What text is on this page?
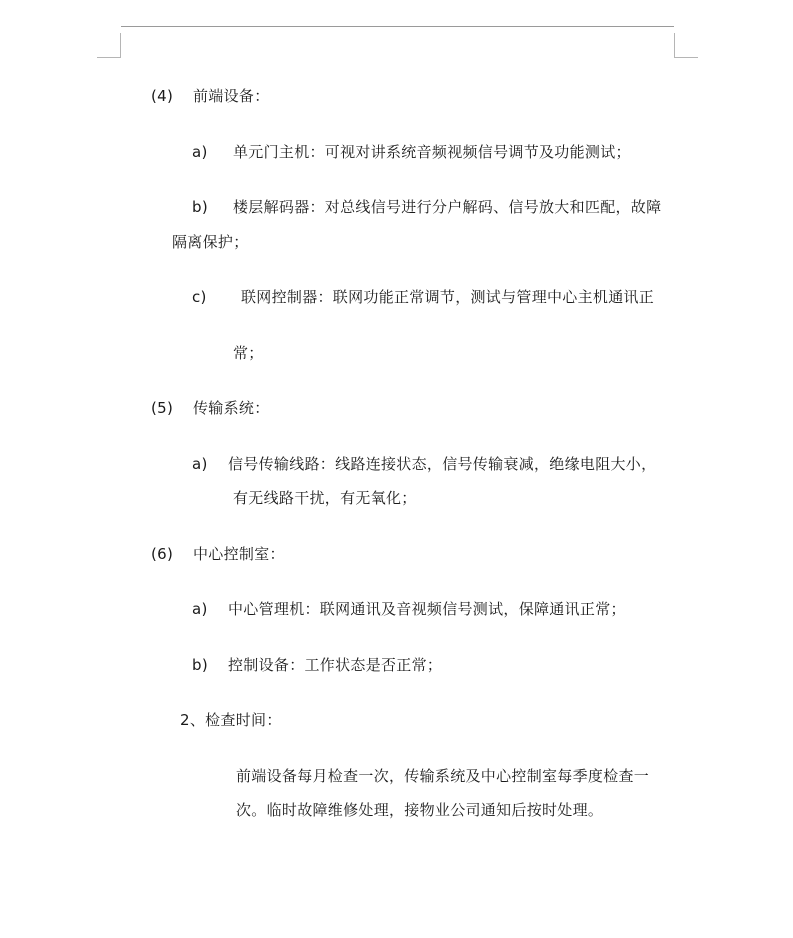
(4) 前端设备：
a) 单元门主机：可视对讲系统音频视频信号调节及功能测试；
b) 楼层解码器：对总线信号进行分户解码、信号放大和匹配，故障
隔离保护；
c) 联网控制器：联网功能正常调节，测试与管理中心主机通讯正
常；
(5) 传输系统：
a) 信号传输线路：线路连接状态，信号传输衰减，绝缘电阻大小，
有无线路干扰，有无氧化；
(6) 中心控制室：
a) 中心管理机：联网通讯及音视频信号测试，保障通讯正常；
b) 控制设备：工作状态是否正常；
2、检查时间：
前端设备每月检查一次，传输系统及中心控制室每季度检查一
次。临时故障维修处理，接物业公司通知后按时处理。
